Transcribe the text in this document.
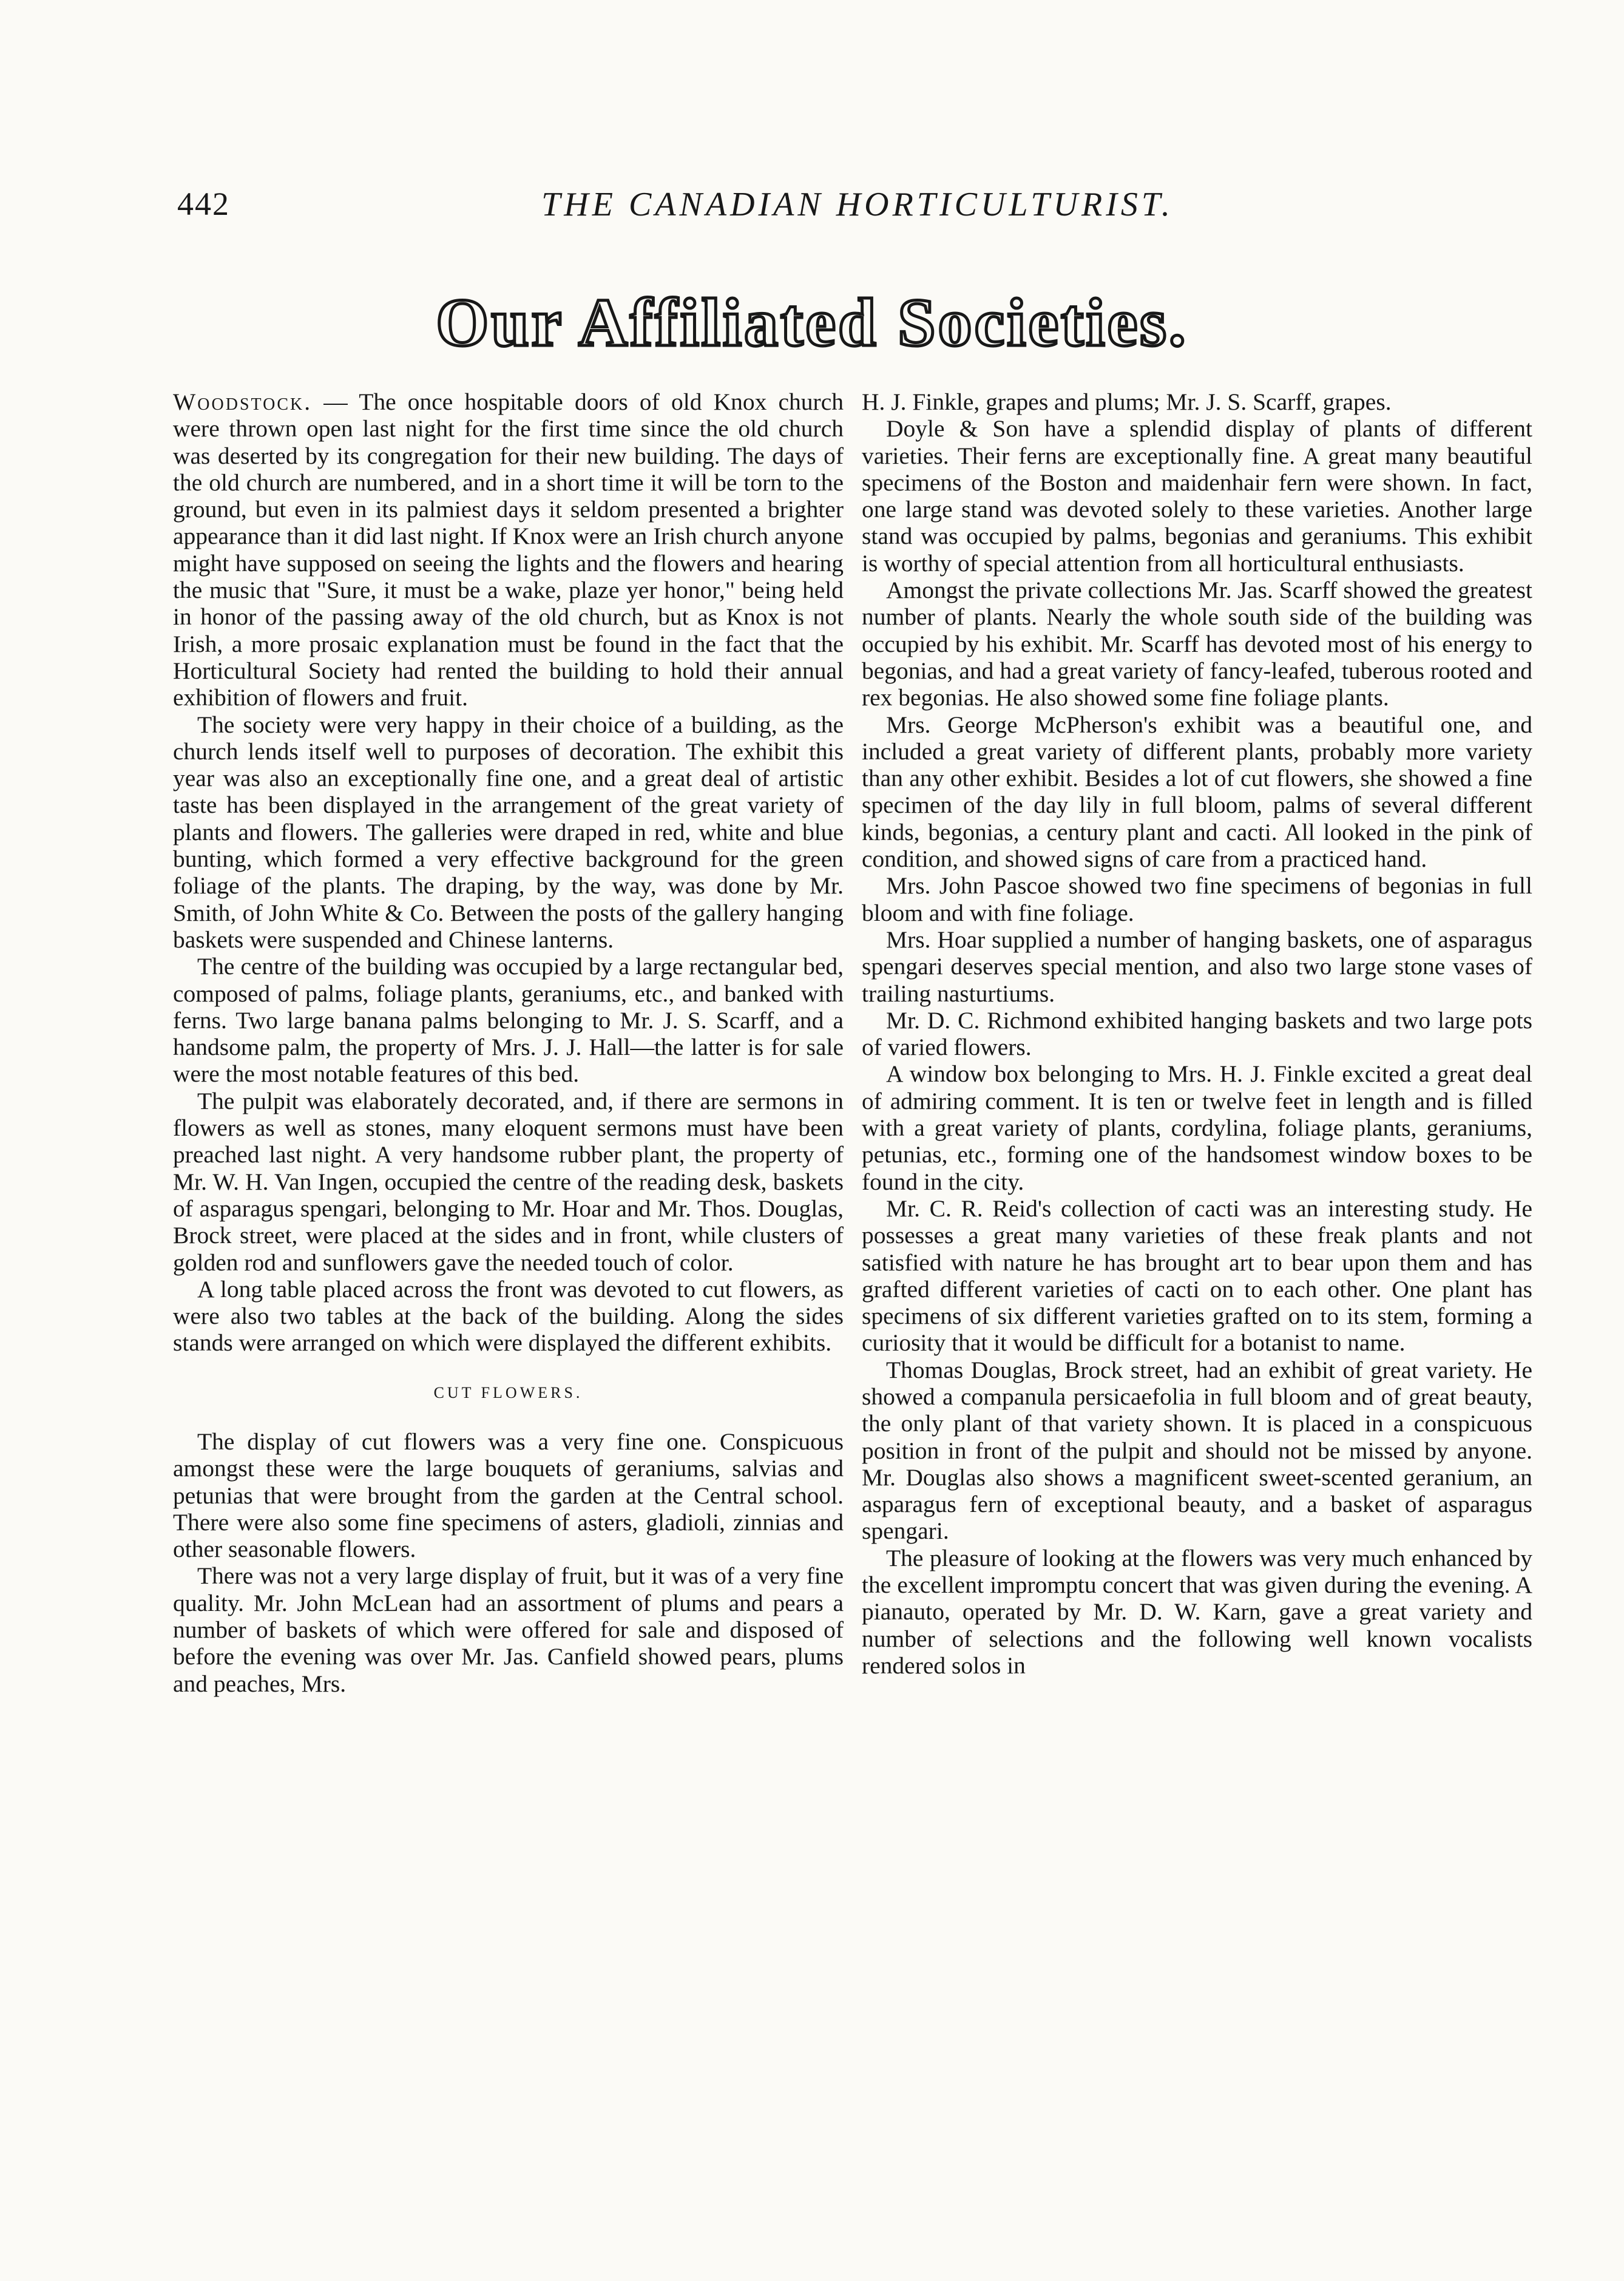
442	THE CANADIAN HORTICULTURIST.
Our Affiliated Societies.

Woodstock. — The once hospitable doors of old Knox church were thrown open last night for the first time since the old church was deserted by its congregation for their new building. The days of the old church are numbered, and in a short time it will be torn to the ground, but even in its palmiest days it seldom presented a brighter appearance than it did last night. If Knox were an Irish church anyone might have supposed on seeing the lights and the flowers and hearing the music that "Sure, it must be a wake, plaze yer honor," being held in honor of the passing away of the old church, but as Knox is not Irish, a more prosaic explanation must be found in the fact that the Horticultural Society had rented the building to hold their annual exhibition of flowers and fruit.

The society were very happy in their choice of a building, as the church lends itself well to purposes of decoration. The exhibit this year was also an exceptionally fine one, and a great deal of artistic taste has been displayed in the arrangement of the great variety of plants and flowers. The galleries were draped in red, white and blue bunting, which formed a very effective background for the green foliage of the plants. The draping, by the way, was done by Mr. Smith, of John White & Co. Between the posts of the gallery hanging baskets were suspended and Chinese lanterns.

The centre of the building was occupied by a large rectangular bed, composed of palms, foliage plants, geraniums, etc., and banked with ferns. Two large banana palms belonging to Mr. J. S. Scarff, and a handsome palm, the property of Mrs. J. J. Hall—the latter is for sale were the most notable features of this bed.

The pulpit was elaborately decorated, and, if there are sermons in flowers as well as stones, many eloquent sermons must have been preached last night. A very handsome rubber plant, the property of Mr. W. H. Van Ingen, occupied the centre of the reading desk, baskets of asparagus spengari, belonging to Mr. Hoar and Mr. Thos. Douglas, Brock street, were placed at the sides and in front, while clusters of golden rod and sunflowers gave the needed touch of color.

A long table placed across the front was devoted to cut flowers, as were also two tables at the back of the building. Along the sides stands were arranged on which were displayed the different exhibits.

CUT FLOWERS.

The display of cut flowers was a very fine one. Conspicuous amongst these were the large bouquets of geraniums, salvias and petunias that were brought from the garden at the Central school. There were also some fine specimens of asters, gladioli, zinnias and other seasonable flowers.

There was not a very large display of fruit, but it was of a very fine quality. Mr. John McLean had an assortment of plums and pears a number of baskets of which were offered for sale and disposed of before the evening was over Mr. Jas. Canfield showed pears, plums and peaches, Mrs.

H. J. Finkle, grapes and plums; Mr. J. S. Scarff, grapes.

Doyle & Son have a splendid display of plants of different varieties. Their ferns are exceptionally fine. A great many beautiful specimens of the Boston and maidenhair fern were shown. In fact, one large stand was devoted solely to these varieties. Another large stand was occupied by palms, begonias and geraniums. This exhibit is worthy of special attention from all horticultural enthusiasts.

Amongst the private collections Mr. Jas. Scarff showed the greatest number of plants. Nearly the whole south side of the building was occupied by his exhibit. Mr. Scarff has devoted most of his energy to begonias, and had a great variety of fancy-leafed, tuberous rooted and rex begonias. He also showed some fine foliage plants.

Mrs. George McPherson's exhibit was a beautiful one, and included a great variety of different plants, probably more variety than any other exhibit. Besides a lot of cut flowers, she showed a fine specimen of the day lily in full bloom, palms of several different kinds, begonias, a century plant and cacti. All looked in the pink of condition, and showed signs of care from a practiced hand.

Mrs. John Pascoe showed two fine specimens of begonias in full bloom and with fine foliage.

Mrs. Hoar supplied a number of hanging baskets, one of asparagus spengari deserves special mention, and also two large stone vases of trailing nasturtiums.

Mr. D. C. Richmond exhibited hanging baskets and two large pots of varied flowers.

A window box belonging to Mrs. H. J. Finkle excited a great deal of admiring comment. It is ten or twelve feet in length and is filled with a great variety of plants, cordylina, foliage plants, geraniums, petunias, etc., forming one of the handsomest window boxes to be found in the city.

Mr. C. R. Reid's collection of cacti was an interesting study. He possesses a great many varieties of these freak plants and not satisfied with nature he has brought art to bear upon them and has grafted different varieties of cacti on to each other. One plant has specimens of six different varieties grafted on to its stem, forming a curiosity that it would be difficult for a botanist to name.

Thomas Douglas, Brock street, had an exhibit of great variety. He showed a companula persicaefolia in full bloom and of great beauty, the only plant of that variety shown. It is placed in a conspicuous position in front of the pulpit and should not be missed by anyone. Mr. Douglas also shows a magnificent sweet-scented geranium, an asparagus fern of exceptional beauty, and a basket of asparagus spengari.

The pleasure of looking at the flowers was very much enhanced by the excellent impromptu concert that was given during the evening. A pianauto, operated by Mr. D. W. Karn, gave a great variety and number of selections and the following well known vocalists rendered solos in
